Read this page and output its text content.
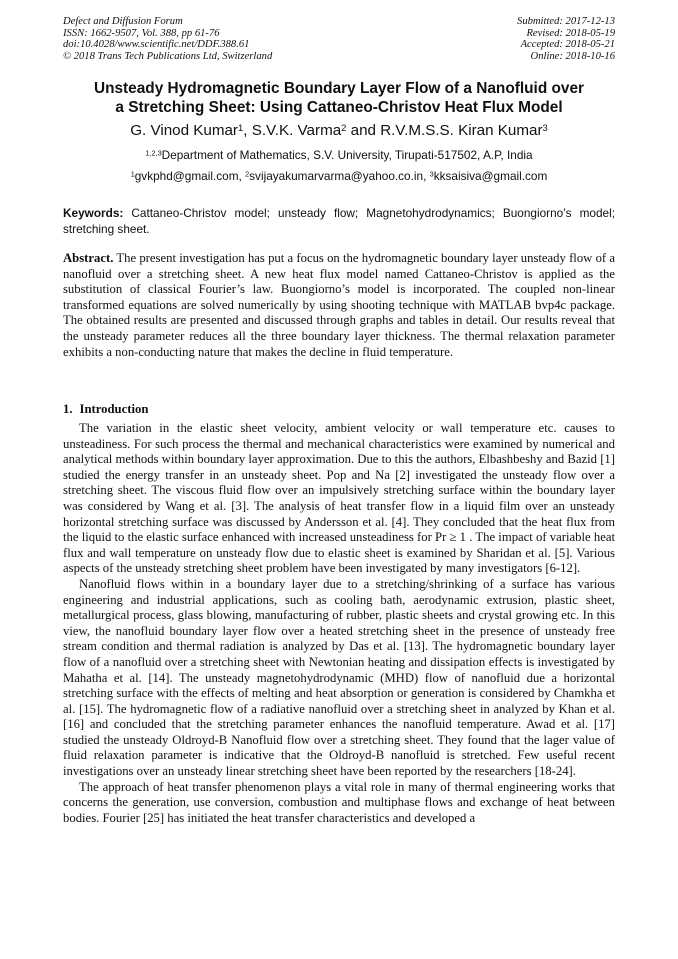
Defect and Diffusion Forum
ISSN: 1662-9507, Vol. 388, pp 61-76
doi:10.4028/www.scientific.net/DDF.388.61
© 2018 Trans Tech Publications Ltd, Switzerland
Submitted: 2017-12-13
Revised: 2018-05-19
Accepted: 2018-05-21
Online: 2018-10-16
Unsteady Hydromagnetic Boundary Layer Flow of a Nanofluid over
a Stretching Sheet: Using Cattaneo-Christov Heat Flux Model
G. Vinod Kumar$^1$, S.V.K. Varma$^2$ and R.V.M.S.S. Kiran Kumar$^3$
$^{1,2,3}$Department of Mathematics, S.V. University, Tirupati-517502, A.P, India
$^1$gvkphd@gmail.com, $^2$svijayakumarvarma@yahoo.co.in, $^3$kksaisiva@gmail.com
Keywords: Cattaneo-Christov model; unsteady flow; Magnetohydrodynamics; Buongiorno’s model; stretching sheet.
Abstract. The present investigation has put a focus on the hydromagnetic boundary layer unsteady flow of a nanofluid over a stretching sheet. A new heat flux model named Cattaneo-Christov is applied as the substitution of classical Fourier’s law. Buongiorno’s model is incorporated. The coupled non-linear transformed equations are solved numerically by using shooting technique with MATLAB bvp4c package. The obtained results are presented and discussed through graphs and tables in detail. Our results reveal that the unsteady parameter reduces all the three boundary layer thickness. The thermal relaxation parameter exhibits a non-conducting nature that makes the decline in fluid temperature.
1. Introduction

The variation in the elastic sheet velocity, ambient velocity or wall temperature etc. causes to unsteadiness. For such process the thermal and mechanical characteristics were examined by numerical and analytical methods within boundary layer approximation. Due to this the authors, Elbashbeshy and Bazid [1] studied the energy transfer in an unsteady sheet. Pop and Na [2] investigated the unsteady flow over a stretching sheet. The viscous fluid flow over an impulsively stretching surface within the boundary layer was considered by Wang et al. [3]. The analysis of heat transfer flow in a liquid film over an unsteady horizontal stretching surface was discussed by Andersson et al. [4]. They concluded that the heat flux from the liquid to the elastic surface enhanced with increased unsteadiness for Pr ≥ 1 . The impact of variable heat flux and wall temperature on unsteady flow due to elastic sheet is examined by Sharidan et al. [5]. Various aspects of the unsteady stretching sheet problem have been investigated by many investigators [6-12].

Nanofluid flows within in a boundary layer due to a stretching/shrinking of a surface has various engineering and industrial applications, such as cooling bath, aerodynamic extrusion, plastic sheet, metallurgical process, glass blowing, manufacturing of rubber, plastic sheets and crystal growing etc. In this view, the nanofluid boundary layer flow over a heated stretching sheet in the presence of unsteady free stream condition and thermal radiation is analyzed by Das et al. [13]. The hydromagnetic boundary layer flow of a nanofluid over a stretching sheet with Newtonian heating and dissipation effects is investigated by Mahatha et al. [14]. The unsteady magnetohydrodynamic (MHD) flow of nanofluid due a horizontal stretching surface with the effects of melting and heat absorption or generation is considered by Chamkha et al. [15]. The hydromagnetic flow of a radiative nanofluid over a stretching sheet in analyzed by Khan et al. [16] and concluded that the stretching parameter enhances the nanofluid temperature. Awad et al. [17] studied the unsteady Oldroyd-B Nanofluid flow over a stretching sheet. They found that the lager value of fluid relaxation parameter is indicative that the Oldroyd-B nanofluid is stretched. Few useful recent investigations over an unsteady linear stretching sheet have been reported by the researchers [18-24].

The approach of heat transfer phenomenon plays a vital role in many of thermal engineering works that concerns the generation, use conversion, combustion and multiphase flows and exchange of heat between bodies. Fourier [25] has initiated the heat transfer characteristics and developed a
